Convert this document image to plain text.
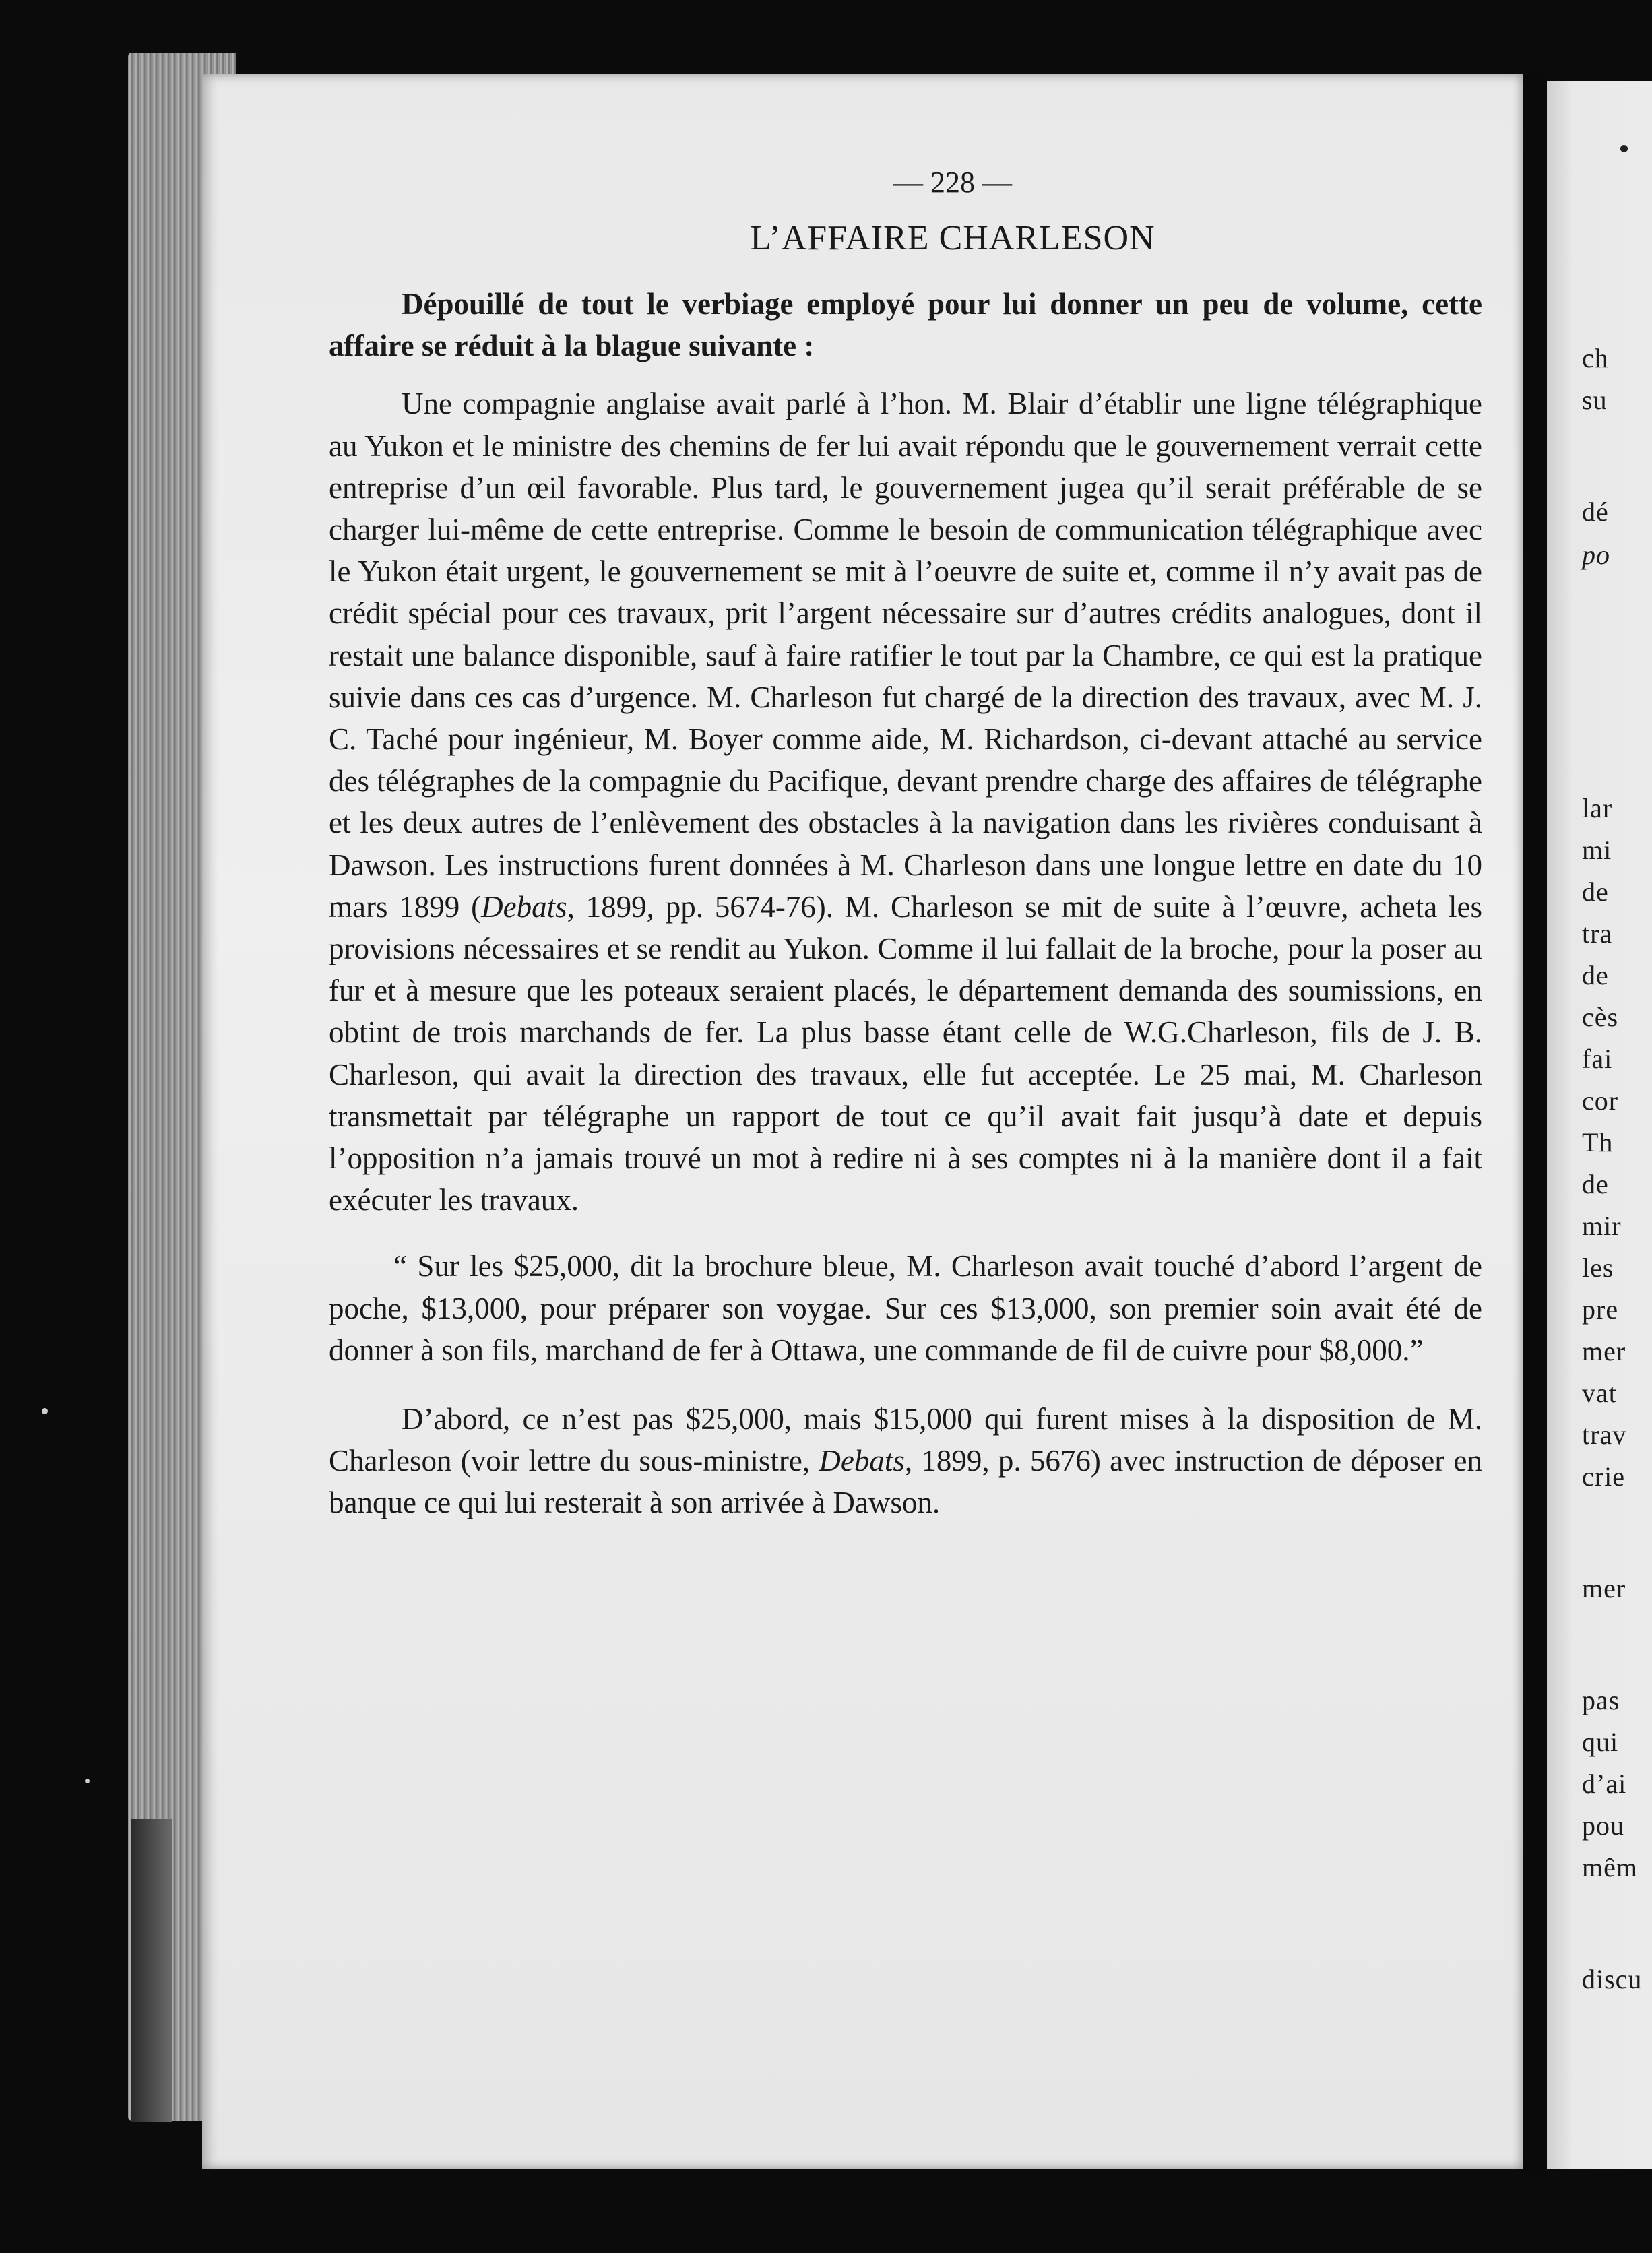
ch
su
dé
po
lar
mi
de
tra
de
cès
fai
cor
Th
de
mir
les
pre
mer
vat
trav
crie
mer
pas
qui
d’ai
pou
mêm
discu

— 228 —

L’AFFAIRE CHARLESON

Dépouillé de tout le verbiage employé pour lui donner un peu de volume, cette affaire se réduit à la blague suivante :

Une compagnie anglaise avait parlé à l’hon. M. Blair d’établir une ligne télégraphique au Yukon et le ministre des chemins de fer lui avait répondu que le gouvernement verrait cette entreprise d’un œil favorable. Plus tard, le gouvernement jugea qu’il serait préférable de se charger lui-même de cette entreprise. Comme le besoin de communication télégraphique avec le Yukon était urgent, le gouvernement se mit à l’oeuvre de suite et, comme il n’y avait pas de crédit spécial pour ces travaux, prit l’argent nécessaire sur d’autres crédits analogues, dont il restait une balance disponible, sauf à faire ratifier le tout par la Chambre, ce qui est la pratique suivie dans ces cas d’urgence. M. Charleson fut chargé de la direction des travaux, avec M. J. C. Taché pour ingénieur, M. Boyer comme aide, M. Richardson, ci-devant attaché au service des télégraphes de la compagnie du Pacifique, devant prendre charge des affaires de télégraphe et les deux autres de l’enlèvement des obstacles à la navigation dans les rivières conduisant à Dawson. Les instructions furent données à M. Charleson dans une longue lettre en date du 10 mars 1899 (Debats, 1899, pp. 5674-76). M. Charleson se mit de suite à l’œuvre, acheta les provisions nécessaires et se rendit au Yukon. Comme il lui fallait de la broche, pour la poser au fur et à mesure que les poteaux seraient placés, le département demanda des soumissions, en obtint de trois marchands de fer. La plus basse étant celle de W.G.Charleson, fils de J. B. Charleson, qui avait la direction des travaux, elle fut acceptée. Le 25 mai, M. Charleson transmettait par télégraphe un rapport de tout ce qu’il avait fait jusqu’à date et depuis l’opposition n’a jamais trouvé un mot à redire ni à ses comptes ni à la manière dont il a fait exécuter les travaux.

“ Sur les $25,000, dit la brochure bleue, M. Charleson avait touché d’abord l’argent de poche, $13,000, pour préparer son voygae. Sur ces $13,000, son premier soin avait été de donner à son fils, marchand de fer à Ottawa, une commande de fil de cuivre pour $8,000.”

D’abord, ce n’est pas $25,000, mais $15,000 qui furent mises à la disposition de M. Charleson (voir lettre du sous-ministre, Debats, 1899, p. 5676) avec instruction de déposer en banque ce qui lui resterait à son arrivée à Dawson.
